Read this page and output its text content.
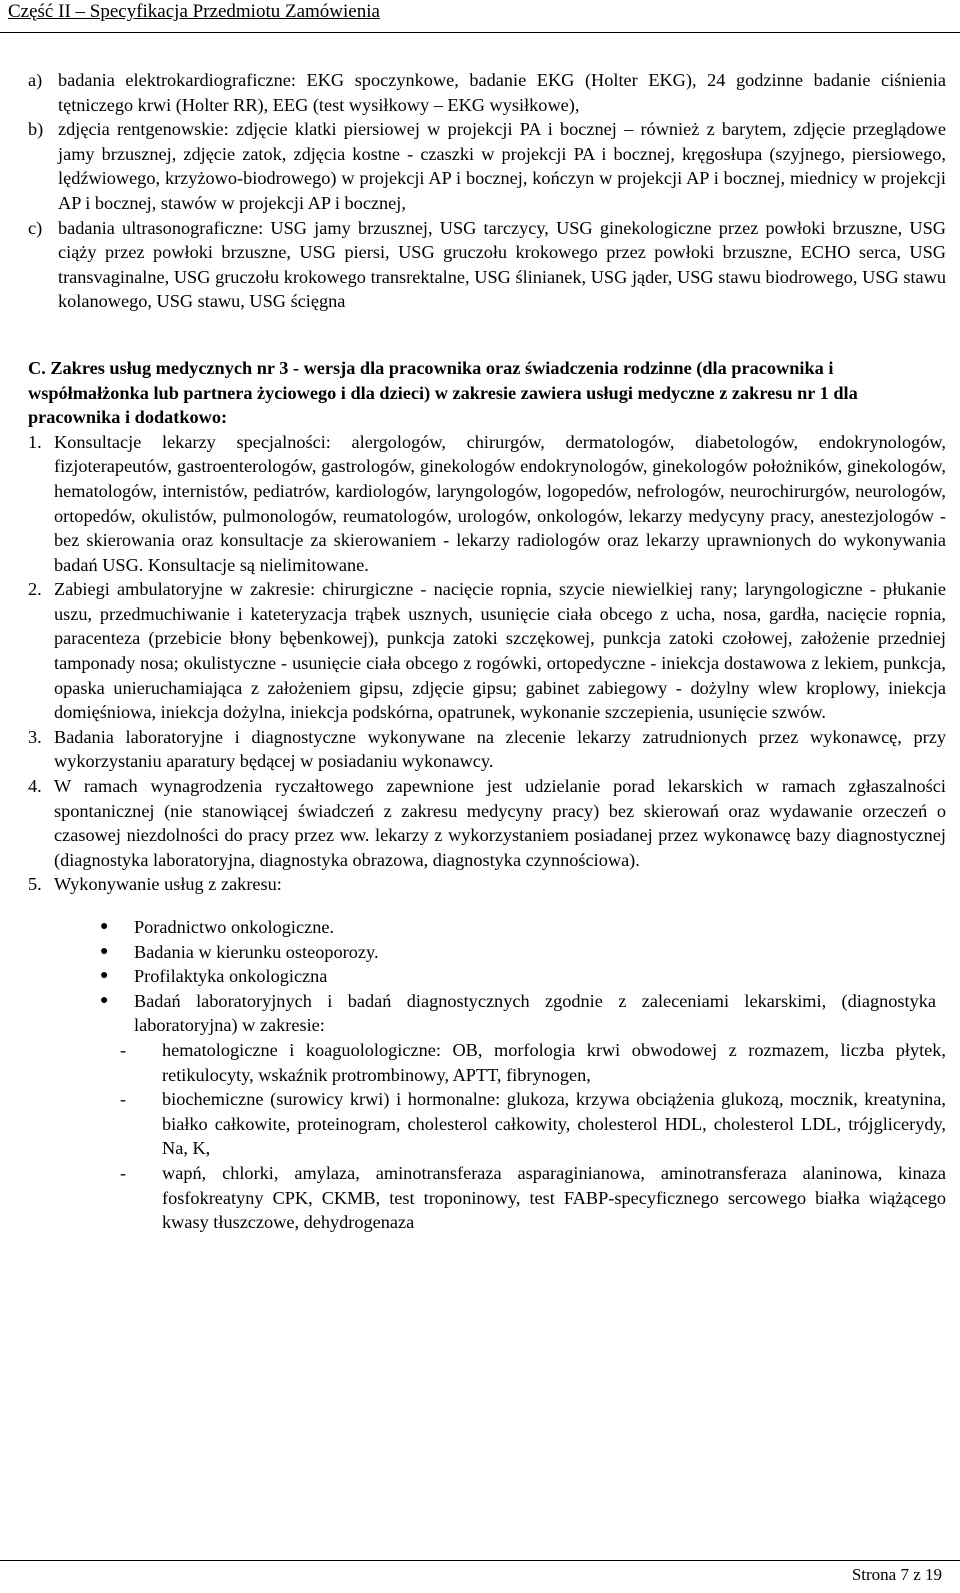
Część II – Specyfikacja Przedmiotu Zamówienia
a) badania elektrokardiograficzne: EKG spoczynkowe, badanie EKG (Holter EKG), 24 godzinne badanie ciśnienia tętniczego krwi (Holter RR), EEG (test wysiłkowy – EKG wysiłkowe),
b) zdjęcia rentgenowskie: zdjęcie klatki piersiowej w projekcji PA i bocznej – również z barytem, zdjęcie przeglądowe jamy brzusznej, zdjęcie zatok, zdjęcia kostne - czaszki w projekcji PA i bocznej, kręgosłupa (szyjnego, piersiowego, lędźwiowego, krzyżowo-biodrowego) w projekcji AP i bocznej, kończyn w projekcji AP i bocznej, miednicy w projekcji AP i bocznej, stawów w projekcji AP i bocznej,
c) badania ultrasonograficzne: USG jamy brzusznej, USG tarczycy, USG ginekologiczne przez powłoki brzuszne, USG ciąży przez powłoki brzuszne, USG piersi, USG gruczołu krokowego przez powłoki brzuszne, ECHO serca, USG transvaginalne, USG gruczołu krokowego transrektalne, USG ślinianek, USG jąder, USG stawu biodrowego, USG stawu kolanowego, USG stawu, USG ścięgna
C. Zakres usług medycznych nr 3 - wersja dla pracownika oraz świadczenia rodzinne (dla pracownika i współmałżonka lub partnera życiowego i dla dzieci) w zakresie zawiera usługi medyczne z zakresu nr 1 dla pracownika i dodatkowo:
1. Konsultacje lekarzy specjalności: alergologów, chirurgów, dermatologów, diabetologów, endokrynologów, fizjoterapeutów, gastroenterologów, gastrologów, ginekologów endokrynologów, ginekologów położników, ginekologów, hematologów, internistów, pediatrów, kardiologów, laryngologów, logopedów, nefrologów, neurochirurgów, neurologów, ortopedów, okulistów, pulmonologów, reumatologów, urologów, onkologów, lekarzy medycyny pracy, anestezjologów - bez skierowania oraz konsultacje za skierowaniem - lekarzy radiologów oraz lekarzy uprawnionych do wykonywania badań USG. Konsultacje są nielimitowane.
2. Zabiegi ambulatoryjne w zakresie: chirurgiczne - nacięcie ropnia, szycie niewielkiej rany; laryngologiczne - płukanie uszu, przedmuchiwanie i kateteryzacja trąbek usznych, usunięcie ciała obcego z ucha, nosa, gardła, nacięcie ropnia, paracenteza (przebicie błony bębenkowej), punkcja zatoki szczękowej, punkcja zatoki czołowej, założenie przedniej tamponady nosa; okulistyczne - usunięcie ciała obcego z rogówki, ortopedyczne - iniekcja dostawowa z lekiem, punkcja, opaska unieruchamiająca z założeniem gipsu, zdjęcie gipsu; gabinet zabiegowy - dożylny wlew kroplowy, iniekcja domięśniowa, iniekcja dożylna, iniekcja podskórna, opatrunek, wykonanie szczepienia, usunięcie szwów.
3. Badania laboratoryjne i diagnostyczne wykonywane na zlecenie lekarzy zatrudnionych przez wykonawcę, przy wykorzystaniu aparatury będącej w posiadaniu wykonawcy.
4. W ramach wynagrodzenia ryczałtowego zapewnione jest udzielanie porad lekarskich w ramach zgłaszalności spontanicznej (nie stanowiącej świadczeń z zakresu medycyny pracy) bez skierowań oraz wydawanie orzeczeń o czasowej niezdolności do pracy przez ww. lekarzy z wykorzystaniem posiadanej przez wykonawcę bazy diagnostycznej (diagnostyka laboratoryjna, diagnostyka obrazowa, diagnostyka czynnościowa).
5. Wykonywanie usług z zakresu:
●	Poradnictwo onkologiczne.
●	Badania w kierunku osteoporozy.
●	Profilaktyka onkologiczna
●	Badań laboratoryjnych i badań diagnostycznych zgodnie z zaleceniami lekarskimi, (diagnostyka laboratoryjna) w zakresie:
-	hematologiczne i koaguolologiczne: OB, morfologia krwi obwodowej z rozmazem, liczba płytek, retikulocyty, wskaźnik protrombinowy, APTT, fibrynogen,
-	biochemiczne (surowicy krwi) i hormonalne: glukoza, krzywa obciążenia glukozą, mocznik, kreatynina, białko całkowite, proteinogram, cholesterol całkowity, cholesterol HDL, cholesterol LDL, trójglicerydy, Na, K,
-	wapń, chlorki, amylaza, aminotransferaza asparaginianowa, aminotransferaza alaninowa, kinaza fosfokreatyny CPK, CKMB, test troponinowy, test FABP-specyficznego sercowego białka wiążącego kwasy tłuszczowe, dehydrogenaza
Strona 7 z 19
